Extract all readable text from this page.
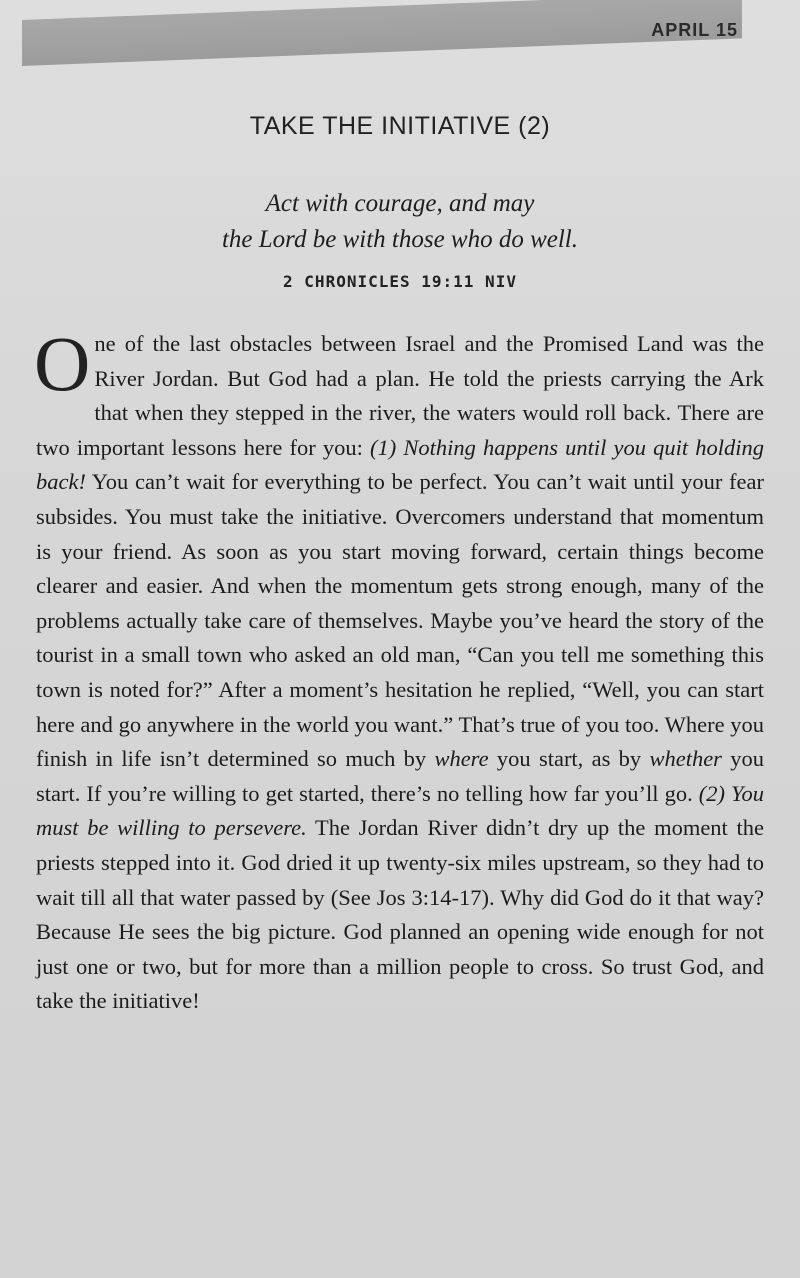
APRIL 15
TAKE THE INITIATIVE (2)
Act with courage, and may
the Lord be with those who do well.
2 CHRONICLES 19:11 NIV
One of the last obstacles between Israel and the Promised Land was the River Jordan. But God had a plan. He told the priests carrying the Ark that when they stepped in the river, the waters would roll back. There are two important lessons here for you: (1) Nothing happens until you quit holding back! You can’t wait for everything to be perfect. You can’t wait until your fear subsides. You must take the initiative. Overcomers understand that momentum is your friend. As soon as you start moving forward, certain things become clearer and easier. And when the momentum gets strong enough, many of the problems actually take care of themselves. Maybe you’ve heard the story of the tourist in a small town who asked an old man, “Can you tell me something this town is noted for?” After a moment’s hesitation he replied, “Well, you can start here and go anywhere in the world you want.” That’s true of you too. Where you finish in life isn’t determined so much by where you start, as by whether you start. If you’re willing to get started, there’s no telling how far you’ll go. (2) You must be willing to persevere. The Jordan River didn’t dry up the moment the priests stepped into it. God dried it up twenty-six miles upstream, so they had to wait till all that water passed by (See Jos 3:14-17). Why did God do it that way? Because He sees the big picture. God planned an opening wide enough for not just one or two, but for more than a million people to cross. So trust God, and take the initiative!
